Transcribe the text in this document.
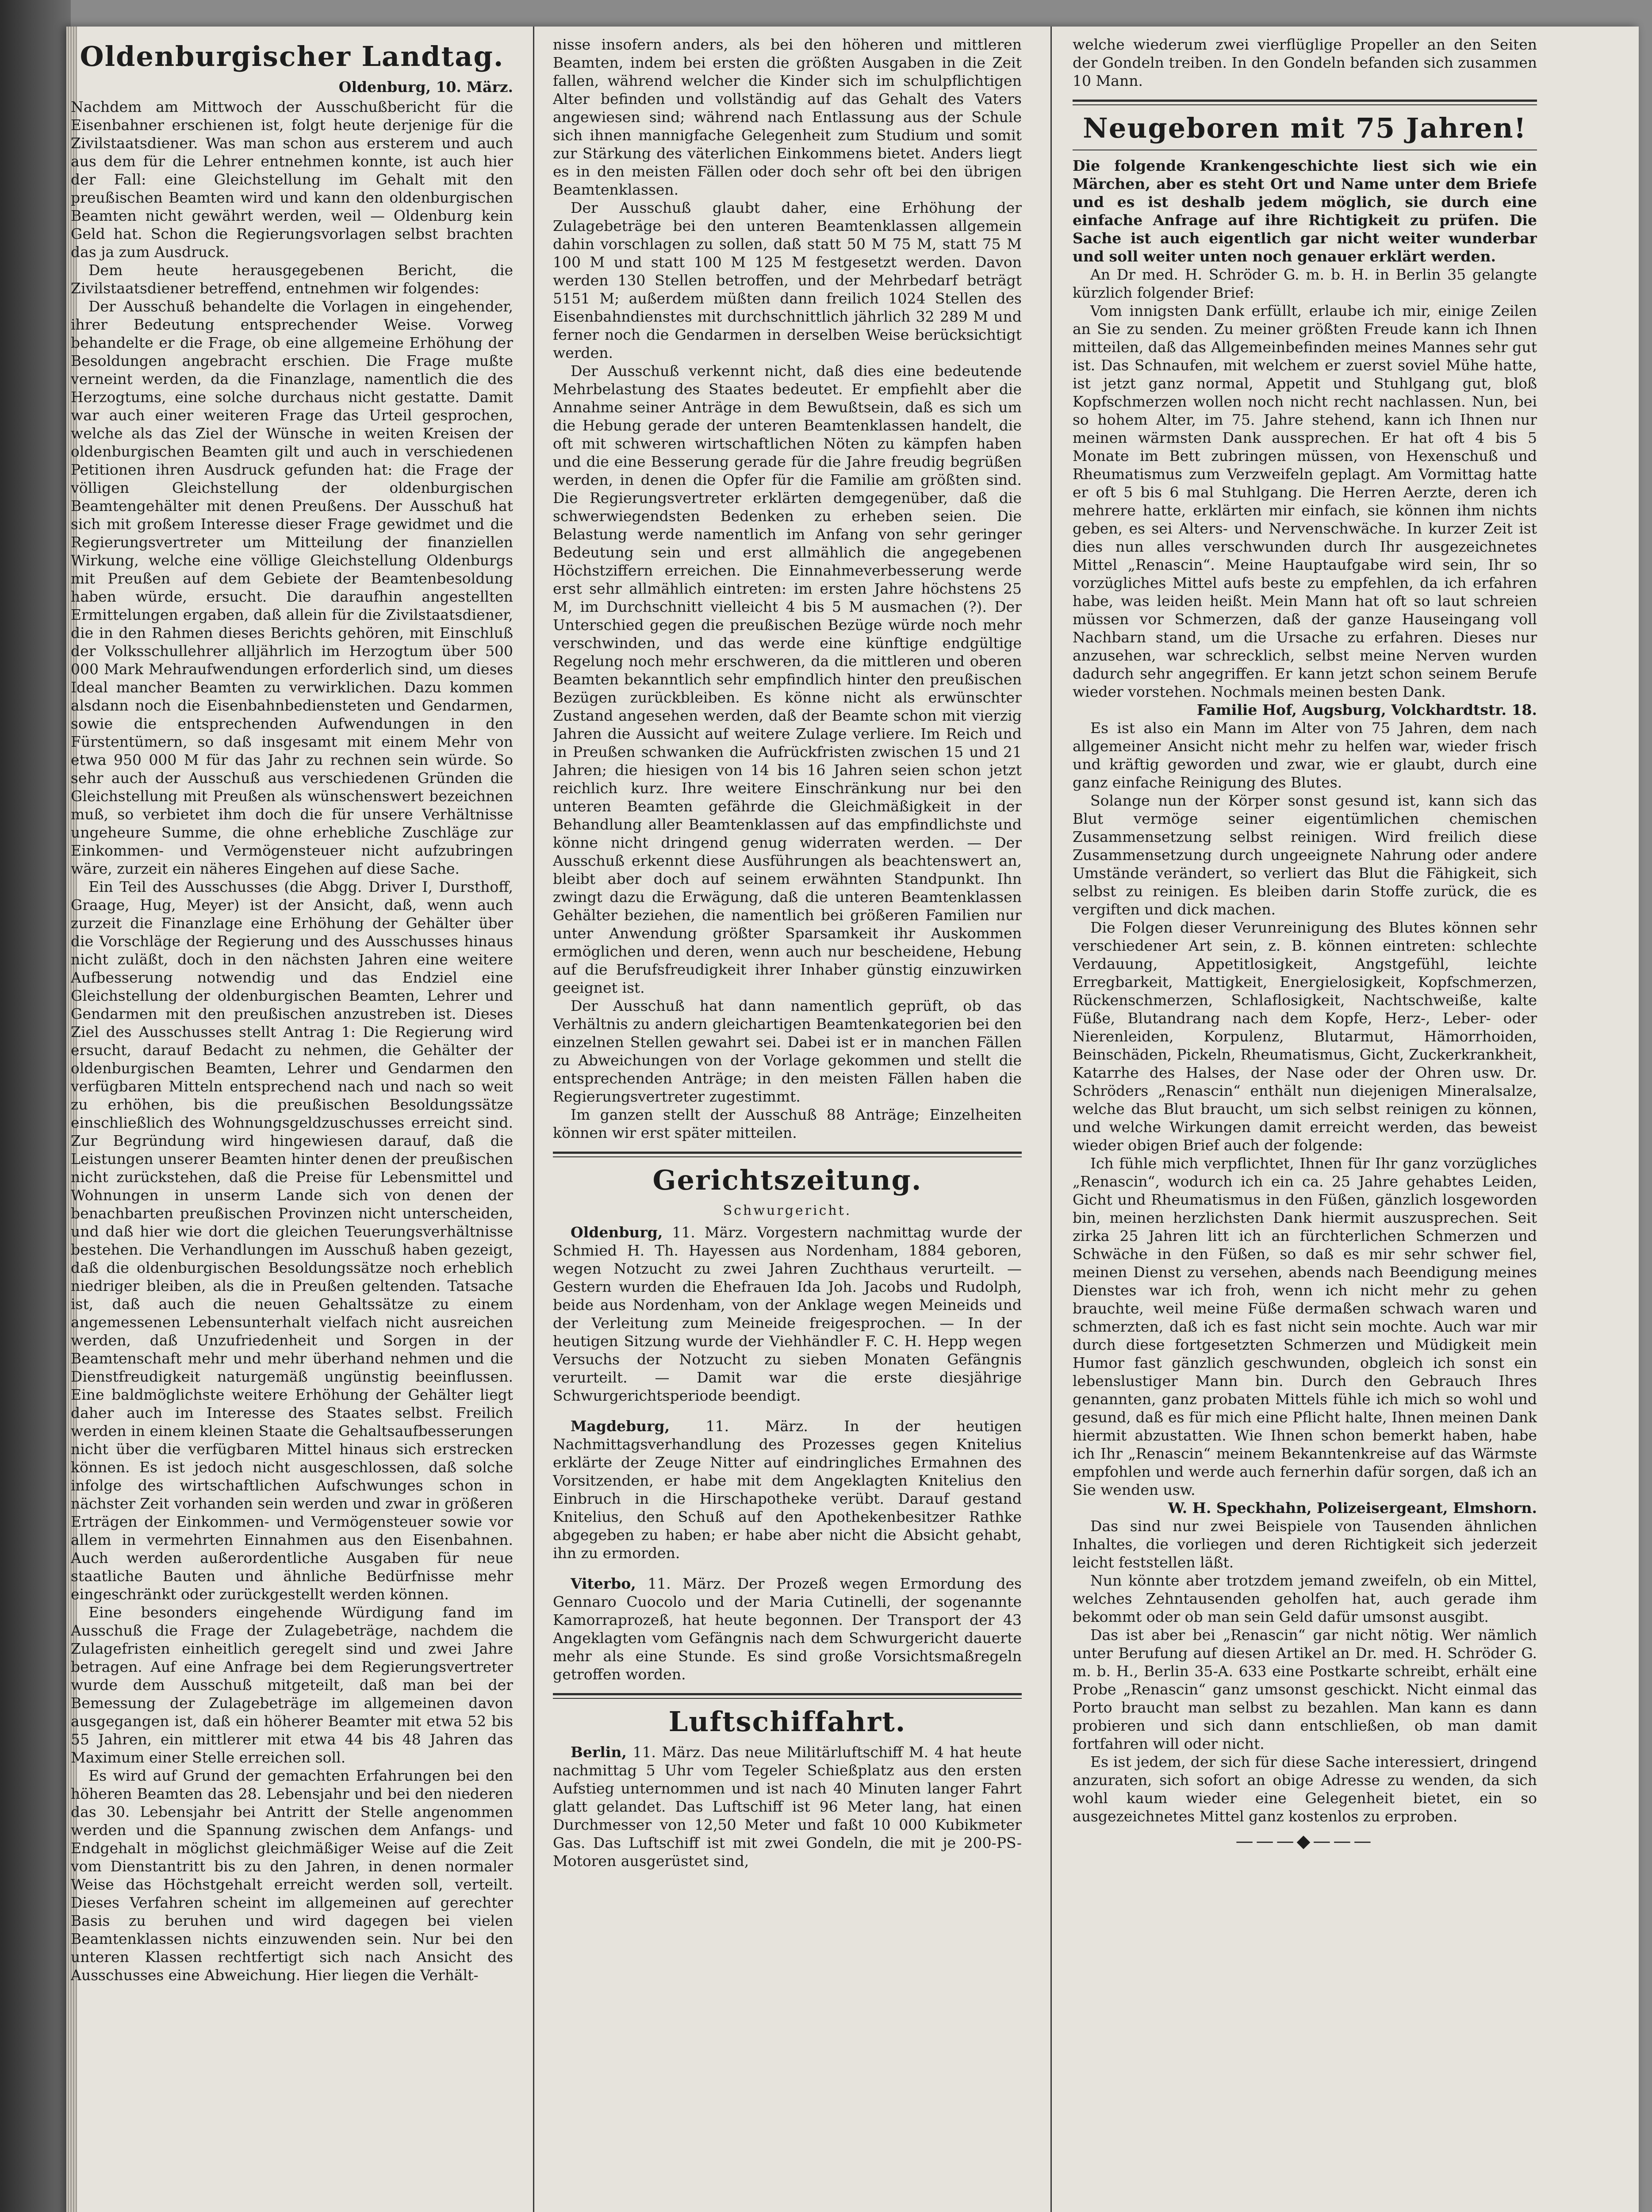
Oldenburgischer Landtag.
Oldenburg, 10. März.

Nachdem am Mittwoch der Ausschußbericht für die Eisenbahner erschienen ist, folgt heute derjenige für die Zivilstaatsdiener. Was man schon aus ersterem und auch aus dem für die Lehrer entnehmen konnte, ist auch hier der Fall: eine Gleichstellung im Gehalt mit den preußischen Beamten wird und kann den oldenburgischen Beamten nicht gewährt werden, weil — Oldenburg kein Geld hat. Schon die Regierungsvorlagen selbst brachten das ja zum Ausdruck.

Dem heute herausgegebenen Bericht, die Zivilstaatsdiener betreffend, entnehmen wir folgendes:

Der Ausschuß behandelte die Vorlagen in eingehender, ihrer Bedeutung entsprechender Weise. Vorweg behandelte er die Frage, ob eine allgemeine Erhöhung der Besoldungen angebracht erschien. Die Frage mußte verneint werden, da die Finanzlage, namentlich die des Herzogtums, eine solche durchaus nicht gestatte. Damit war auch einer weiteren Frage das Urteil gesprochen, welche als das Ziel der Wünsche in weiten Kreisen der oldenburgischen Beamten gilt und auch in verschiedenen Petitionen ihren Ausdruck gefunden hat: die Frage der völligen Gleichstellung der oldenburgischen Beamtengehälter mit denen Preußens. Der Ausschuß hat sich mit großem Interesse dieser Frage gewidmet und die Regierungsvertreter um Mitteilung der finanziellen Wirkung, welche eine völlige Gleichstellung Oldenburgs mit Preußen auf dem Gebiete der Beamtenbesoldung haben würde, ersucht. Die daraufhin angestellten Ermittelungen ergaben, daß allein für die Zivilstaatsdiener, die in den Rahmen dieses Berichts gehören, mit Einschluß der Volksschullehrer alljährlich im Herzogtum über 500 000 Mark Mehraufwendungen erforderlich sind, um dieses Ideal mancher Beamten zu verwirklichen. Dazu kommen alsdann noch die Eisenbahnbediensteten und Gendarmen, sowie die entsprechenden Aufwendungen in den Fürstentümern, so daß insgesamt mit einem Mehr von etwa 950 000 M für das Jahr zu rechnen sein würde. So sehr auch der Ausschuß aus verschiedenen Gründen die Gleichstellung mit Preußen als wünschenswert bezeichnen muß, so verbietet ihm doch die für unsere Verhältnisse ungeheure Summe, die ohne erhebliche Zuschläge zur Einkommen- und Vermögensteuer nicht aufzubringen wäre, zurzeit ein näheres Eingehen auf diese Sache.

Ein Teil des Ausschusses (die Abgg. Driver I, Dursthoff, Graage, Hug, Meyer) ist der Ansicht, daß, wenn auch zurzeit die Finanzlage eine Erhöhung der Gehälter über die Vorschläge der Regierung und des Ausschusses hinaus nicht zuläßt, doch in den nächsten Jahren eine weitere Aufbesserung notwendig und das Endziel eine Gleichstellung der oldenburgischen Beamten, Lehrer und Gendarmen mit den preußischen anzustreben ist. Dieses Ziel des Ausschusses stellt Antrag 1: Die Regierung wird ersucht, darauf Bedacht zu nehmen, die Gehälter der oldenburgischen Beamten, Lehrer und Gendarmen den verfügbaren Mitteln entsprechend nach und nach so weit zu erhöhen, bis die preußischen Besoldungssätze einschließlich des Wohnungsgeldzuschusses erreicht sind. Zur Begründung wird hingewiesen darauf, daß die Leistungen unserer Beamten hinter denen der preußischen nicht zurückstehen, daß die Preise für Lebensmittel und Wohnungen in unserm Lande sich von denen der benachbarten preußischen Provinzen nicht unterscheiden, und daß hier wie dort die gleichen Teuerungsverhältnisse bestehen. Die Verhandlungen im Ausschuß haben gezeigt, daß die oldenburgischen Besoldungssätze noch erheblich niedriger bleiben, als die in Preußen geltenden. Tatsache ist, daß auch die neuen Gehaltssätze zu einem angemessenen Lebensunterhalt vielfach nicht ausreichen werden, daß Unzufriedenheit und Sorgen in der Beamtenschaft mehr und mehr überhand nehmen und die Dienstfreudigkeit naturgemäß ungünstig beeinflussen. Eine baldmöglichste weitere Erhöhung der Gehälter liegt daher auch im Interesse des Staates selbst. Freilich werden in einem kleinen Staate die Gehaltsaufbesserungen nicht über die verfügbaren Mittel hinaus sich erstrecken können. Es ist jedoch nicht ausgeschlossen, daß solche infolge des wirtschaftlichen Aufschwunges schon in nächster Zeit vorhanden sein werden und zwar in größeren Erträgen der Einkommen- und Vermögensteuer sowie vor allem in vermehrten Einnahmen aus den Eisenbahnen. Auch werden außerordentliche Ausgaben für neue staatliche Bauten und ähnliche Bedürfnisse mehr eingeschränkt oder zurückgestellt werden können.

Eine besonders eingehende Würdigung fand im Ausschuß die Frage der Zulagebeträge, nachdem die Zulagefristen einheitlich geregelt sind und zwei Jahre betragen. Auf eine Anfrage bei dem Regierungsvertreter wurde dem Ausschuß mitgeteilt, daß man bei der Bemessung der Zulagebeträge im allgemeinen davon ausgegangen ist, daß ein höherer Beamter mit etwa 52 bis 55 Jahren, ein mittlerer mit etwa 44 bis 48 Jahren das Maximum einer Stelle erreichen soll.

Es wird auf Grund der gemachten Erfahrungen bei den höheren Beamten das 28. Lebensjahr und bei den niederen das 30. Lebensjahr bei Antritt der Stelle angenommen werden und die Spannung zwischen dem Anfangs- und Endgehalt in möglichst gleichmäßiger Weise auf die Zeit vom Dienstantritt bis zu den Jahren, in denen normaler Weise das Höchstgehalt erreicht werden soll, verteilt. Dieses Verfahren scheint im allgemeinen auf gerechter Basis zu beruhen und wird dagegen bei vielen Beamtenklassen nichts einzuwenden sein. Nur bei den unteren Klassen rechtfertigt sich nach Ansicht des Ausschusses eine Abweichung. Hier liegen die Verhält-

nisse insofern anders, als bei den höheren und mittleren Beamten, indem bei ersten die größten Ausgaben in die Zeit fallen, während welcher die Kinder sich im schulpflichtigen Alter befinden und vollständig auf das Gehalt des Vaters angewiesen sind; während nach Entlassung aus der Schule sich ihnen mannigfache Gelegenheit zum Studium und somit zur Stärkung des väterlichen Einkommens bietet. Anders liegt es in den meisten Fällen oder doch sehr oft bei den übrigen Beamtenklassen.

Der Ausschuß glaubt daher, eine Erhöhung der Zulagebeträge bei den unteren Beamtenklassen allgemein dahin vorschlagen zu sollen, daß statt 50 M 75 M, statt 75 M 100 M und statt 100 M 125 M festgesetzt werden. Davon werden 130 Stellen betroffen, und der Mehrbedarf beträgt 5151 M; außerdem müßten dann freilich 1024 Stellen des Eisenbahndienstes mit durchschnittlich jährlich 32 289 M und ferner noch die Gendarmen in derselben Weise berücksichtigt werden.

Der Ausschuß verkennt nicht, daß dies eine bedeutende Mehrbelastung des Staates bedeutet. Er empfiehlt aber die Annahme seiner Anträge in dem Bewußtsein, daß es sich um die Hebung gerade der unteren Beamtenklassen handelt, die oft mit schweren wirtschaftlichen Nöten zu kämpfen haben und die eine Besserung gerade für die Jahre freudig begrüßen werden, in denen die Opfer für die Familie am größten sind. Die Regierungsvertreter erklärten demgegenüber, daß die schwerwiegendsten Bedenken zu erheben seien. Die Belastung werde namentlich im Anfang von sehr geringer Bedeutung sein und erst allmählich die angegebenen Höchstziffern erreichen. Die Einnahmeverbesserung werde erst sehr allmählich eintreten: im ersten Jahre höchstens 25 M, im Durchschnitt vielleicht 4 bis 5 M ausmachen (?). Der Unterschied gegen die preußischen Bezüge würde noch mehr verschwinden, und das werde eine künftige endgültige Regelung noch mehr erschweren, da die mittleren und oberen Beamten bekanntlich sehr empfindlich hinter den preußischen Bezügen zurückbleiben. Es könne nicht als erwünschter Zustand angesehen werden, daß der Beamte schon mit vierzig Jahren die Aussicht auf weitere Zulage verliere. Im Reich und in Preußen schwanken die Aufrückfristen zwischen 15 und 21 Jahren; die hiesigen von 14 bis 16 Jahren seien schon jetzt reichlich kurz. Ihre weitere Einschränkung nur bei den unteren Beamten gefährde die Gleichmäßigkeit in der Behandlung aller Beamtenklassen auf das empfindlichste und könne nicht dringend genug widerraten werden. — Der Ausschuß erkennt diese Ausführungen als beachtenswert an, bleibt aber doch auf seinem erwähnten Standpunkt. Ihn zwingt dazu die Erwägung, daß die unteren Beamtenklassen Gehälter beziehen, die namentlich bei größeren Familien nur unter Anwendung größter Sparsamkeit ihr Auskommen ermöglichen und deren, wenn auch nur bescheidene, Hebung auf die Berufsfreudigkeit ihrer Inhaber günstig einzuwirken geeignet ist.

Der Ausschuß hat dann namentlich geprüft, ob das Verhältnis zu andern gleichartigen Beamtenkategorien bei den einzelnen Stellen gewahrt sei. Dabei ist er in manchen Fällen zu Abweichungen von der Vorlage gekommen und stellt die entsprechenden Anträge; in den meisten Fällen haben die Regierungsvertreter zugestimmt.

Im ganzen stellt der Ausschuß 88 Anträge; Einzelheiten können wir erst später mitteilen.

Gerichtszeitung.
Schwurgericht.

Oldenburg, 11. März. Vorgestern nachmittag wurde der Schmied H. Th. Hayessen aus Nordenham, 1884 geboren, wegen Notzucht zu zwei Jahren Zuchthaus verurteilt. — Gestern wurden die Ehefrauen Ida Joh. Jacobs und Rudolph, beide aus Nordenham, von der Anklage wegen Meineids und der Verleitung zum Meineide freigesprochen. — In der heutigen Sitzung wurde der Viehhändler F. C. H. Hepp wegen Versuchs der Notzucht zu sieben Monaten Gefängnis verurteilt. — Damit war die erste diesjährige Schwurgerichtsperiode beendigt.

Magdeburg, 11. März. In der heutigen Nachmittagsverhandlung des Prozesses gegen Knitelius erklärte der Zeuge Nitter auf eindringliches Ermahnen des Vorsitzenden, er habe mit dem Angeklagten Knitelius den Einbruch in die Hirschapotheke verübt. Darauf gestand Knitelius, den Schuß auf den Apothekenbesitzer Rathke abgegeben zu haben; er habe aber nicht die Absicht gehabt, ihn zu ermorden.

Viterbo, 11. März. Der Prozeß wegen Ermordung des Gennaro Cuocolo und der Maria Cutinelli, der sogenannte Kamorraprozeß, hat heute begonnen. Der Transport der 43 Angeklagten vom Gefängnis nach dem Schwurgericht dauerte mehr als eine Stunde. Es sind große Vorsichtsmaßregeln getroffen worden.

Luftschiffahrt.

Berlin, 11. März. Das neue Militärluftschiff M. 4 hat heute nachmittag 5 Uhr vom Tegeler Schießplatz aus den ersten Aufstieg unternommen und ist nach 40 Minuten langer Fahrt glatt gelandet. Das Luftschiff ist 96 Meter lang, hat einen Durchmesser von 12,50 Meter und faßt 10 000 Kubikmeter Gas. Das Luftschiff ist mit zwei Gondeln, die mit je 200-PS-Motoren ausgerüstet sind,

welche wiederum zwei vierflüglige Propeller an den Seiten der Gondeln treiben. In den Gondeln befanden sich zusammen 10 Mann.

Neugeboren mit 75 Jahren!

Die folgende Krankengeschichte liest sich wie ein Märchen, aber es steht Ort und Name unter dem Briefe und es ist deshalb jedem möglich, sie durch eine einfache Anfrage auf ihre Richtigkeit zu prüfen. Die Sache ist auch eigentlich gar nicht weiter wunderbar und soll weiter unten noch genauer erklärt werden.

An Dr med. H. Schröder G. m. b. H. in Berlin 35 gelangte kürzlich folgender Brief:

Vom innigsten Dank erfüllt, erlaube ich mir, einige Zeilen an Sie zu senden. Zu meiner größten Freude kann ich Ihnen mitteilen, daß das Allgemeinbefinden meines Mannes sehr gut ist. Das Schnaufen, mit welchem er zuerst soviel Mühe hatte, ist jetzt ganz normal, Appetit und Stuhlgang gut, bloß Kopfschmerzen wollen noch nicht recht nachlassen. Nun, bei so hohem Alter, im 75. Jahre stehend, kann ich Ihnen nur meinen wärmsten Dank aussprechen. Er hat oft 4 bis 5 Monate im Bett zubringen müssen, von Hexenschuß und Rheumatismus zum Verzweifeln geplagt. Am Vormittag hatte er oft 5 bis 6 mal Stuhlgang. Die Herren Aerzte, deren ich mehrere hatte, erklärten mir einfach, sie können ihm nichts geben, es sei Alters- und Nervenschwäche. In kurzer Zeit ist dies nun alles verschwunden durch Ihr ausgezeichnetes Mittel „Renascin“. Meine Hauptaufgabe wird sein, Ihr so vorzügliches Mittel aufs beste zu empfehlen, da ich erfahren habe, was leiden heißt. Mein Mann hat oft so laut schreien müssen vor Schmerzen, daß der ganze Hauseingang voll Nachbarn stand, um die Ursache zu erfahren. Dieses nur anzusehen, war schrecklich, selbst meine Nerven wurden dadurch sehr angegriffen. Er kann jetzt schon seinem Berufe wieder vorstehen. Nochmals meinen besten Dank.

Familie Hof, Augsburg, Volckhardtstr. 18.

Es ist also ein Mann im Alter von 75 Jahren, dem nach allgemeiner Ansicht nicht mehr zu helfen war, wieder frisch und kräftig geworden und zwar, wie er glaubt, durch eine ganz einfache Reinigung des Blutes.

Solange nun der Körper sonst gesund ist, kann sich das Blut vermöge seiner eigentümlichen chemischen Zusammensetzung selbst reinigen. Wird freilich diese Zusammensetzung durch ungeeignete Nahrung oder andere Umstände verändert, so verliert das Blut die Fähigkeit, sich selbst zu reinigen. Es bleiben darin Stoffe zurück, die es vergiften und dick machen.

Die Folgen dieser Verunreinigung des Blutes können sehr verschiedener Art sein, z. B. können eintreten: schlechte Verdauung, Appetitlosigkeit, Angstgefühl, leichte Erregbarkeit, Mattigkeit, Energielosigkeit, Kopfschmerzen, Rückenschmerzen, Schlaflosigkeit, Nachtschweiße, kalte Füße, Blutandrang nach dem Kopfe, Herz-, Leber- oder Nierenleiden, Korpulenz, Blutarmut, Hämorrhoiden, Beinschäden, Pickeln, Rheumatismus, Gicht, Zuckerkrankheit, Katarrhe des Halses, der Nase oder der Ohren usw. Dr. Schröders „Renascin“ enthält nun diejenigen Mineralsalze, welche das Blut braucht, um sich selbst reinigen zu können, und welche Wirkungen damit erreicht werden, das beweist wieder obigen Brief auch der folgende:

Ich fühle mich verpflichtet, Ihnen für Ihr ganz vorzügliches „Renascin“, wodurch ich ein ca. 25 Jahre gehabtes Leiden, Gicht und Rheumatismus in den Füßen, gänzlich losgeworden bin, meinen herzlichsten Dank hiermit auszusprechen. Seit zirka 25 Jahren litt ich an fürchterlichen Schmerzen und Schwäche in den Füßen, so daß es mir sehr schwer fiel, meinen Dienst zu versehen, abends nach Beendigung meines Dienstes war ich froh, wenn ich nicht mehr zu gehen brauchte, weil meine Füße dermaßen schwach waren und schmerzten, daß ich es fast nicht sein mochte. Auch war mir durch diese fortgesetzten Schmerzen und Müdigkeit mein Humor fast gänzlich geschwunden, obgleich ich sonst ein lebenslustiger Mann bin. Durch den Gebrauch Ihres genannten, ganz probaten Mittels fühle ich mich so wohl und gesund, daß es für mich eine Pflicht halte, Ihnen meinen Dank hiermit abzustatten. Wie Ihnen schon bemerkt haben, habe ich Ihr „Renascin“ meinem Bekanntenkreise auf das Wärmste empfohlen und werde auch fernerhin dafür sorgen, daß ich an Sie wenden usw.

W. H. Speckhahn, Polizeisergeant, Elmshorn.

Das sind nur zwei Beispiele von Tausenden ähnlichen Inhaltes, die vorliegen und deren Richtigkeit sich jederzeit leicht feststellen läßt.

Nun könnte aber trotzdem jemand zweifeln, ob ein Mittel, welches Zehntausenden geholfen hat, auch gerade ihm bekommt oder ob man sein Geld dafür umsonst ausgibt.

Das ist aber bei „Renascin“ gar nicht nötig. Wer nämlich unter Berufung auf diesen Artikel an Dr. med. H. Schröder G. m. b. H., Berlin 35-A. 633 eine Postkarte schreibt, erhält eine Probe „Renascin“ ganz umsonst geschickt. Nicht einmal das Porto braucht man selbst zu bezahlen. Man kann es dann probieren und sich dann entschließen, ob man damit fortfahren will oder nicht.

Es ist jedem, der sich für diese Sache interessiert, dringend anzuraten, sich sofort an obige Adresse zu wenden, da sich wohl kaum wieder eine Gelegenheit bietet, ein so ausgezeichnetes Mittel ganz kostenlos zu erproben.

———◆———
